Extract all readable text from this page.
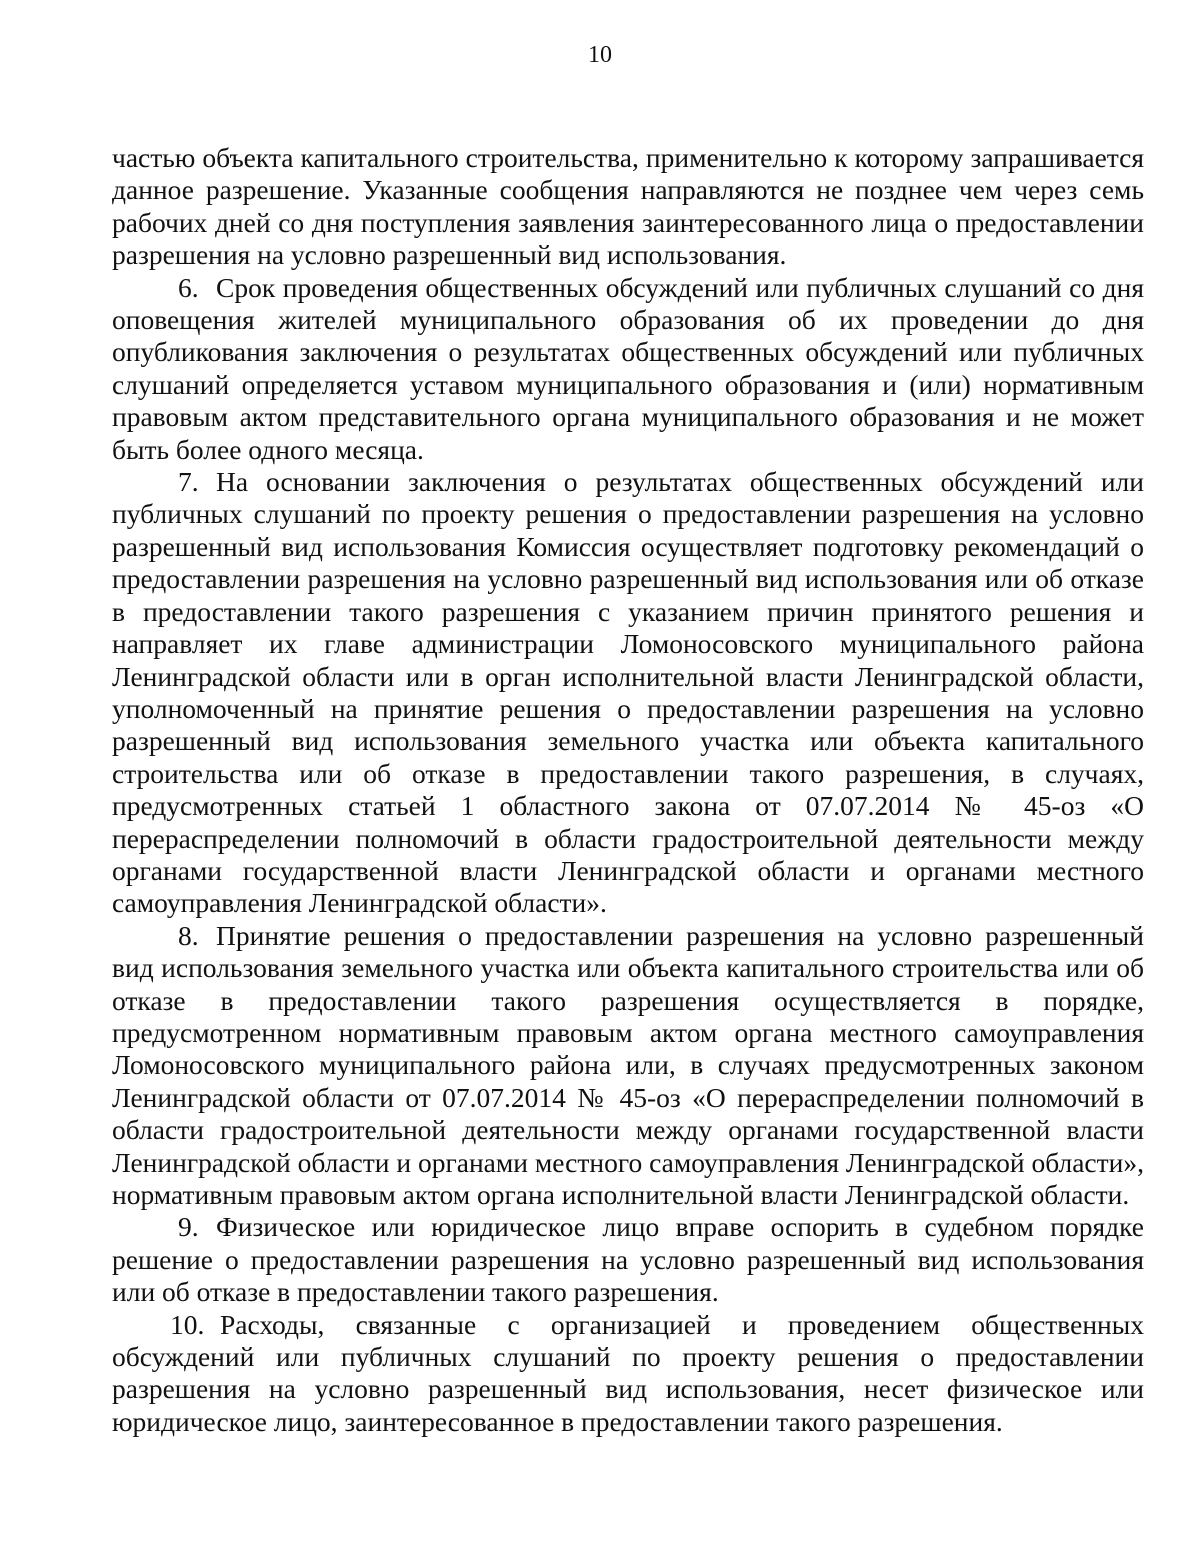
10

частью объекта капитального строительства, применительно к которому запрашивается данное разрешение. Указанные сообщения направляются не позднее чем через семь рабочих дней со дня поступления заявления заинтересованного лица о предоставлении разрешения на условно разрешенный вид использования.

6. Срок проведения общественных обсуждений или публичных слушаний со дня оповещения жителей муниципального образования об их проведении до дня опубликования заключения о результатах общественных обсуждений или публичных слушаний определяется уставом муниципального образования и (или) нормативным правовым актом представительного органа муниципального образования и не может быть более одного месяца.

7. На основании заключения о результатах общественных обсуждений или публичных слушаний по проекту решения о предоставлении разрешения на условно разрешенный вид использования Комиссия осуществляет подготовку рекомендаций о предоставлении разрешения на условно разрешенный вид использования или об отказе в предоставлении такого разрешения с указанием причин принятого решения и направляет их главе администрации Ломоносовского муниципального района Ленинградской области или в орган исполнительной власти Ленинградской области, уполномоченный на принятие решения о предоставлении разрешения на условно разрешенный вид использования земельного участка или объекта капитального строительства или об отказе в предоставлении такого разрешения, в случаях, предусмотренных статьей 1 областного закона от 07.07.2014 № 45-оз «О перераспределении полномочий в области градостроительной деятельности между органами государственной власти Ленинградской области и органами местного самоуправления Ленинградской области».

8. Принятие решения о предоставлении разрешения на условно разрешенный вид использования земельного участка или объекта капитального строительства или об отказе в предоставлении такого разрешения осуществляется в порядке, предусмотренном нормативным правовым актом органа местного самоуправления Ломоносовского муниципального района или, в случаях предусмотренных законом Ленинградской области от 07.07.2014 № 45-оз «О перераспределении полномочий в области градостроительной деятельности между органами государственной власти Ленинградской области и органами местного самоуправления Ленинградской области», нормативным правовым актом органа исполнительной власти Ленинградской области.

9. Физическое или юридическое лицо вправе оспорить в судебном порядке решение о предоставлении разрешения на условно разрешенный вид использования или об отказе в предоставлении такого разрешения.

10. Расходы, связанные с организацией и проведением общественных обсуждений или публичных слушаний по проекту решения о предоставлении разрешения на условно разрешенный вид использования, несет физическое или юридическое лицо, заинтересованное в предоставлении такого разрешения.
